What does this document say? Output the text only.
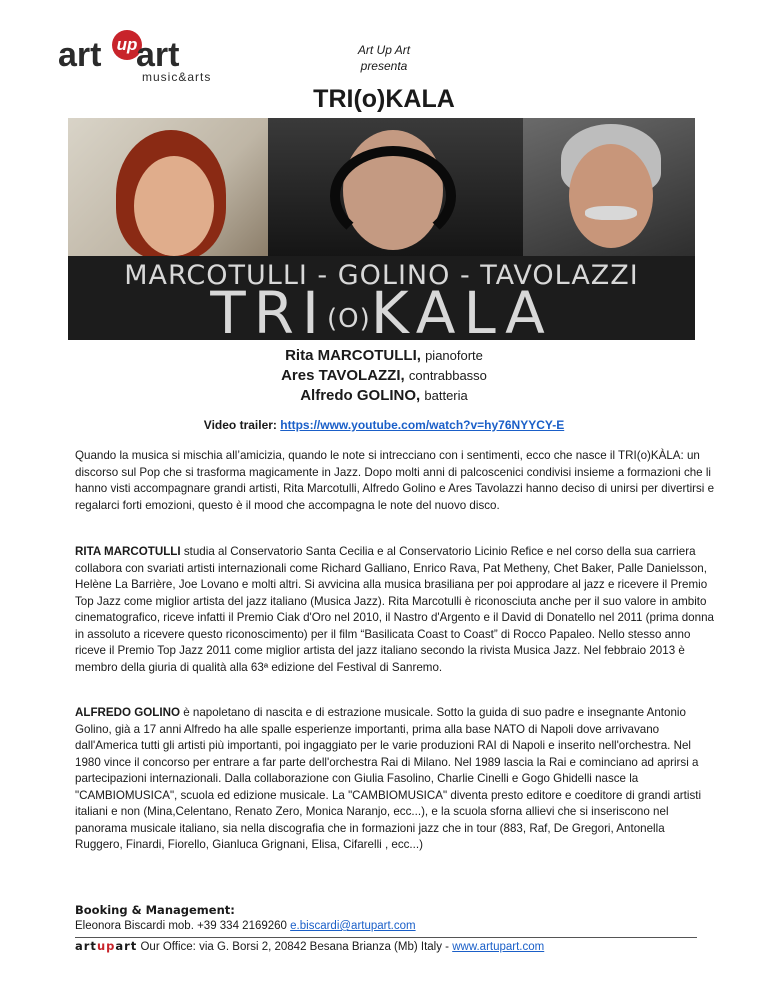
art up
art
music&arts
Art Up Art
presenta
TRI(o)KALA
MARCOTULLI - GOLINO - TAVOLAZZI
TRI(O)KALA
Rita MARCOTULLI, pianoforte
Ares TAVOLAZZI, contrabbasso
Alfredo GOLINO, batteria
Video trailer: https://www.youtube.com/watch?v=hy76NYYCY-E
Quando la musica si mischia all’amicizia, quando le note si intrecciano con i sentimenti, ecco che nasce il TRI(o)KÀLA: un discorso sul Pop che si trasforma magicamente in Jazz. Dopo molti anni di palcoscenici condivisi insieme a formazioni che li hanno visti accompagnare grandi artisti, Rita Marcotulli, Alfredo Golino e Ares Tavolazzi hanno deciso di unirsi per divertirsi e regalarci forti emozioni, questo è il mood che accompagna le note del nuovo disco.
RITA MARCOTULLI studia al Conservatorio Santa Cecilia e al Conservatorio Licinio Refice e nel corso della sua carriera collabora con svariati artisti internazionali come Richard Galliano, Enrico Rava, Pat Metheny, Chet Baker, Palle Danielsson, Helène La Barrière, Joe Lovano e molti altri. Si avvicina alla musica brasiliana per poi approdare al jazz e ricevere il Premio Top Jazz come miglior artista del jazz italiano (Musica Jazz). Rita Marcotulli è riconosciuta anche per il suo valore in ambito cinematografico, riceve infatti il Premio Ciak d'Oro nel 2010, il Nastro d'Argento e il David di Donatello nel 2011 (prima donna in assoluto a ricevere questo riconoscimento) per il film “Basilicata Coast to Coast” di Rocco Papaleo. Nello stesso anno riceve il Premio Top Jazz 2011 come miglior artista del jazz italiano secondo la rivista Musica Jazz. Nel febbraio 2013 è membro della giuria di qualità alla 63ª edizione del Festival di Sanremo.
ALFREDO GOLINO è napoletano di nascita e di estrazione musicale. Sotto la guida di suo padre e insegnante Antonio Golino, già a 17 anni Alfredo ha alle spalle esperienze importanti, prima alla base NATO di Napoli dove arrivavano dall'America tutti gli artisti più importanti, poi ingaggiato per le varie produzioni RAI di Napoli e inserito nell'orchestra. Nel 1980 vince il concorso per entrare a far parte dell'orchestra Rai di Milano. Nel 1989 lascia la Rai e cominciano ad aprirsi a partecipazioni internazionali. Dalla collaborazione con Giulia Fasolino, Charlie Cinelli e Gogo Ghidelli nasce la "CAMBIOMUSICA", scuola ed edizione musicale. La "CAMBIOMUSICA" diventa presto editore e coeditore di grandi artisti italiani e non (Mina,Celentano, Renato Zero, Monica Naranjo, ecc...), e la scuola sforna allievi che si inseriscono nel panorama musicale italiano, sia nella discografia che in formazioni jazz che in tour (883, Raf, De Gregori, Antonella Ruggero, Finardi, Fiorello, Gianluca Grignani, Elisa, Cifarelli , ecc...)
Booking & Management:
Eleonora Biscardi mob. +39 334 2169260 e.biscardi@artupart.com
artupart Our Office: via G. Borsi 2, 20842 Besana Brianza (Mb) Italy - www.artupart.com
